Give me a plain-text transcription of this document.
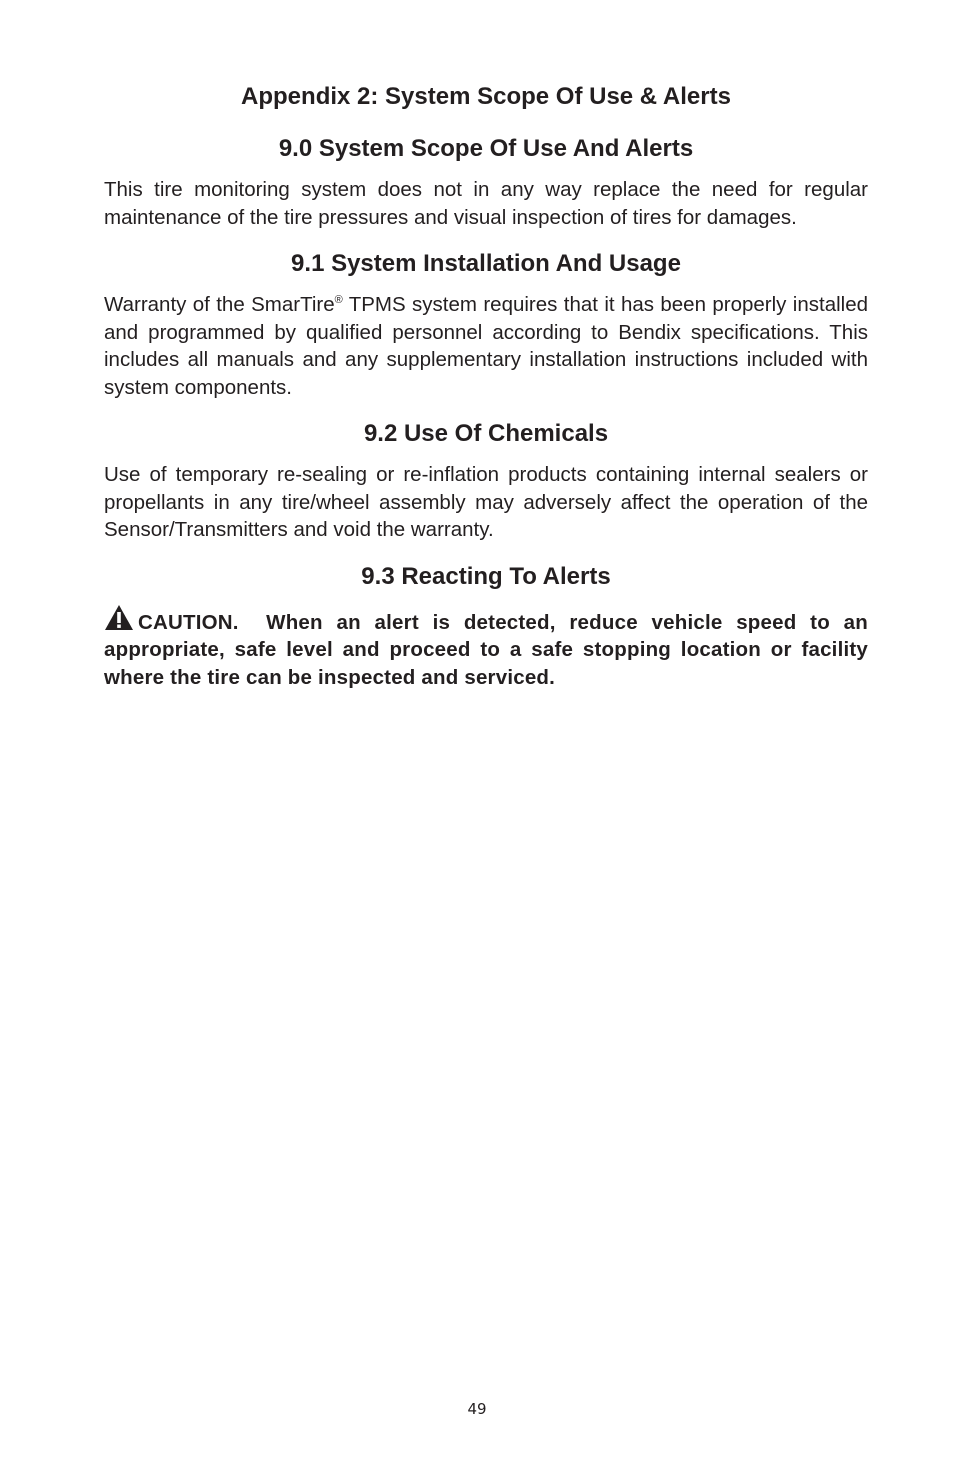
Appendix 2: System Scope Of Use & Alerts
9.0 System Scope Of Use And Alerts

This tire monitoring system does not in any way replace the need for regular maintenance of the tire pressures and visual inspection of tires for damages.

9.1 System Installation And Usage

Warranty of the SmarTire® TPMS system requires that it has been properly installed and programmed by qualified personnel according to Bendix specifications. This includes all manuals and any supplementary installation instructions included with system components.

9.2 Use Of Chemicals

Use of temporary re-sealing or re-inflation products containing internal sealers or propellants in any tire/wheel assembly may adversely affect the operation of the Sensor/Transmitters and void the warranty.

9.3 Reacting To Alerts

CAUTION.  When an alert is detected, reduce vehicle speed to an appropriate, safe level and proceed to a safe stopping location or facility where the tire can be inspected and serviced.

49
